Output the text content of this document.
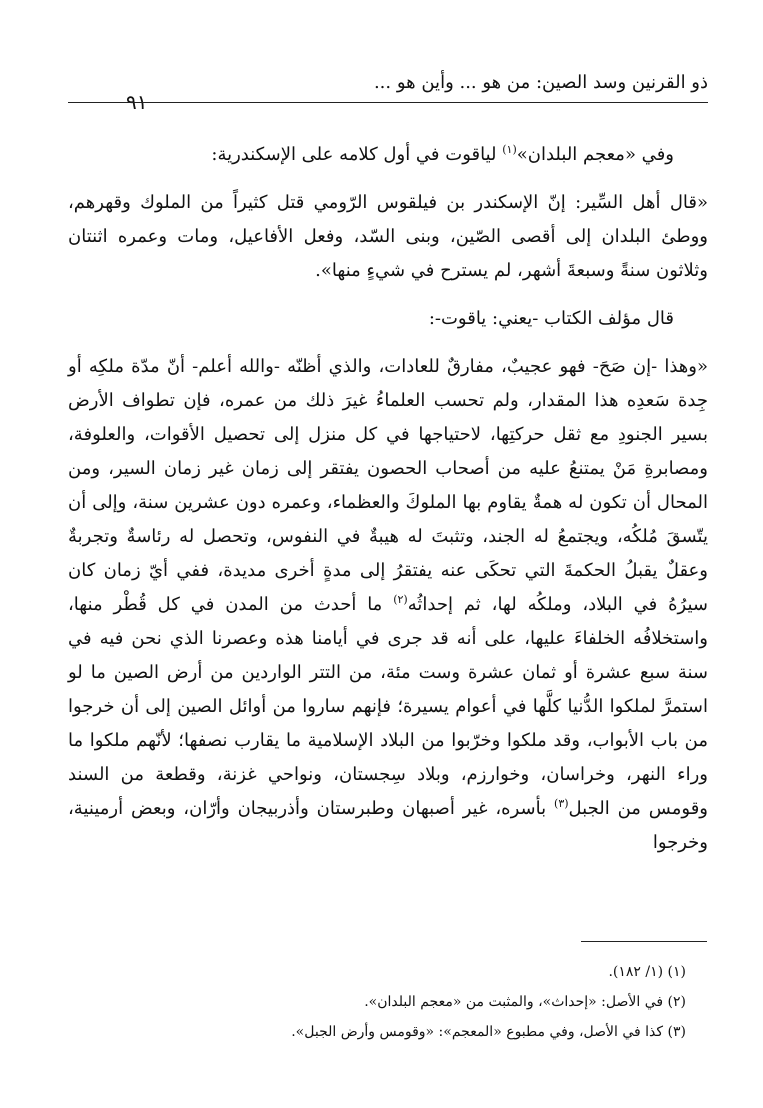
ذو القرنين وسد الصين: من هو ... وأين هو ...
٩١

وفي «معجم البلدان»$^{(١)}$ لياقوت في أول كلامه على الإسكندرية:

«قال أهل السِّير: إنّ الإسكندر بن فيلقوس الرّومي قتل كثيراً من الملوك وقهرهم، ووطئ البلدان إلى أقصى الصّين، وبنى السّد، وفعل الأفاعيل، ومات وعمره اثنتان وثلاثون سنةً وسبعةَ أشهر، لم يسترح في شيءٍ منها».

قال مؤلف الكتاب -يعني: ياقوت-:

«وهذا -إن صَحَ- فهو عجيبٌ، مفارقٌ للعادات، والذي أظنّه -والله أعلم- أنّ مدّة ملكِه أو جِدة سَعدِه هذا المقدار، ولم تحسب العلماءُ غيرَ ذلك من عمره، فإن تطواف الأرض بسير الجنودِ مع ثقل حركتِها، لاحتياجها في كل منزل إلى تحصيل الأقوات، والعلوفة، ومصابرةِ مَنْ يمتنعُ عليه من أصحاب الحصون يفتقر إلى زمان غير زمان السير، ومن المحال أن تكون له همةٌ يقاوم بها الملوكَ والعظماء، وعمره دون عشرين سنة، وإلى أن يتّسقَ مُلكُه، ويجتمعُ له الجند، وتثبتَ له هيبةٌ في النفوس، وتحصل له رئاسةٌ وتجربةٌ وعقلٌ يقبلُ الحكمةَ التي تحكَى عنه يفتقرُ إلى مدةٍ أخرى مديدة، ففي أيّ زمان كان سيرُهُ في البلاد، وملكُه لها، ثم إحداثُه$^{(٢)}$ ما أحدث من المدن في كل قُطْر منها، واستخلافُه الخلفاءَ عليها، على أنه قد جرى في أيامنا هذه وعصرنا الذي نحن فيه في سنة سبع عشرة أو ثمان عشرة وست مئة، من التتر الواردين من أرض الصين ما لو استمرَّ لملكوا الدُّنيا كلَّها في أعوام يسيرة؛ فإنهم ساروا من أوائل الصين إلى أن خرجوا من باب الأبواب، وقد ملكوا وخرّبوا من البلاد الإسلامية ما يقارب نصفها؛ لأنّهم ملكوا ما وراء النهر، وخراسان، وخوارزم، وبلاد سِجستان، ونواحي غزنة، وقطعة من السند وقومس من الجبل$^{(٣)}$ بأسره، غير أصبهان وطبرستان وأذربيجان وأرّان، وبعض أرمينية، وخرجوا

(١) (١/ ١٨٢).
(٢) في الأصل: «إحداث»، والمثبت من «معجم البلدان».
(٣) كذا في الأصل، وفي مطبوع «المعجم»: «وقومس وأرض الجبل».
